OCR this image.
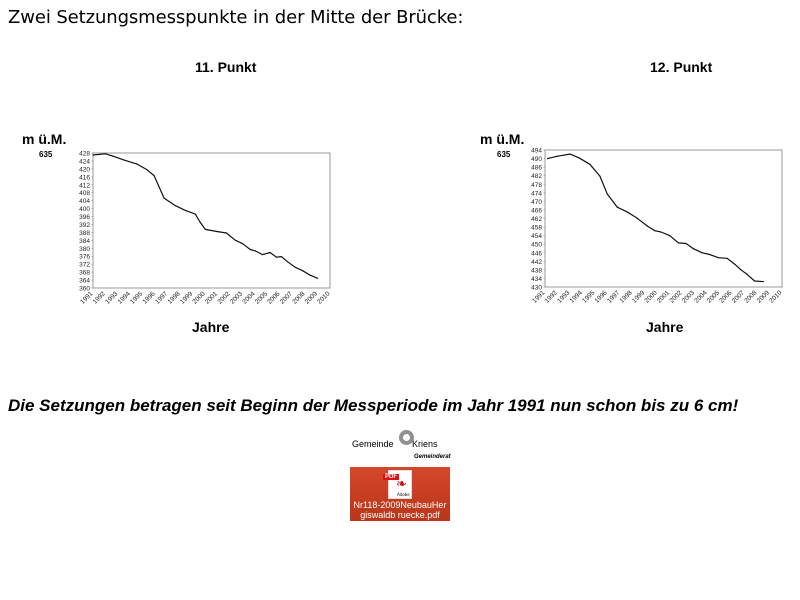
Zwei Setzungsmesspunkte in der Mitte der Brücke:
11. Punkt
m ü.M.
635	428
424
420
416
412
408
404
400
396
392
388
384
380
376
372
368
364
360
1991
1992
1993
1994
1995
1996
1997
1998
1999
2000
2001
2002
2003
2004
2005
2006
2007
2008
2009
2010
Jahre
12. Punkt
m ü.M.
635	494
490
486
482
478
474
470
466
462
458
454
450
446
442
438
434
430
1991
1992
1993
1994
1995
1996
1997
1998
1999
2000
2001
2002
2003
2004
2005
2006
2007
2008
2009
2010
Jahre
Die Setzungen betragen seit Beginn der Messperiode im Jahr 1991 nun schon bis zu 6 cm!
Gemeinde Kriens
Gemeinderat
PDF ❧
Adobe
Nr118-2009NeubauHergiswaldb ruecke.pdf
